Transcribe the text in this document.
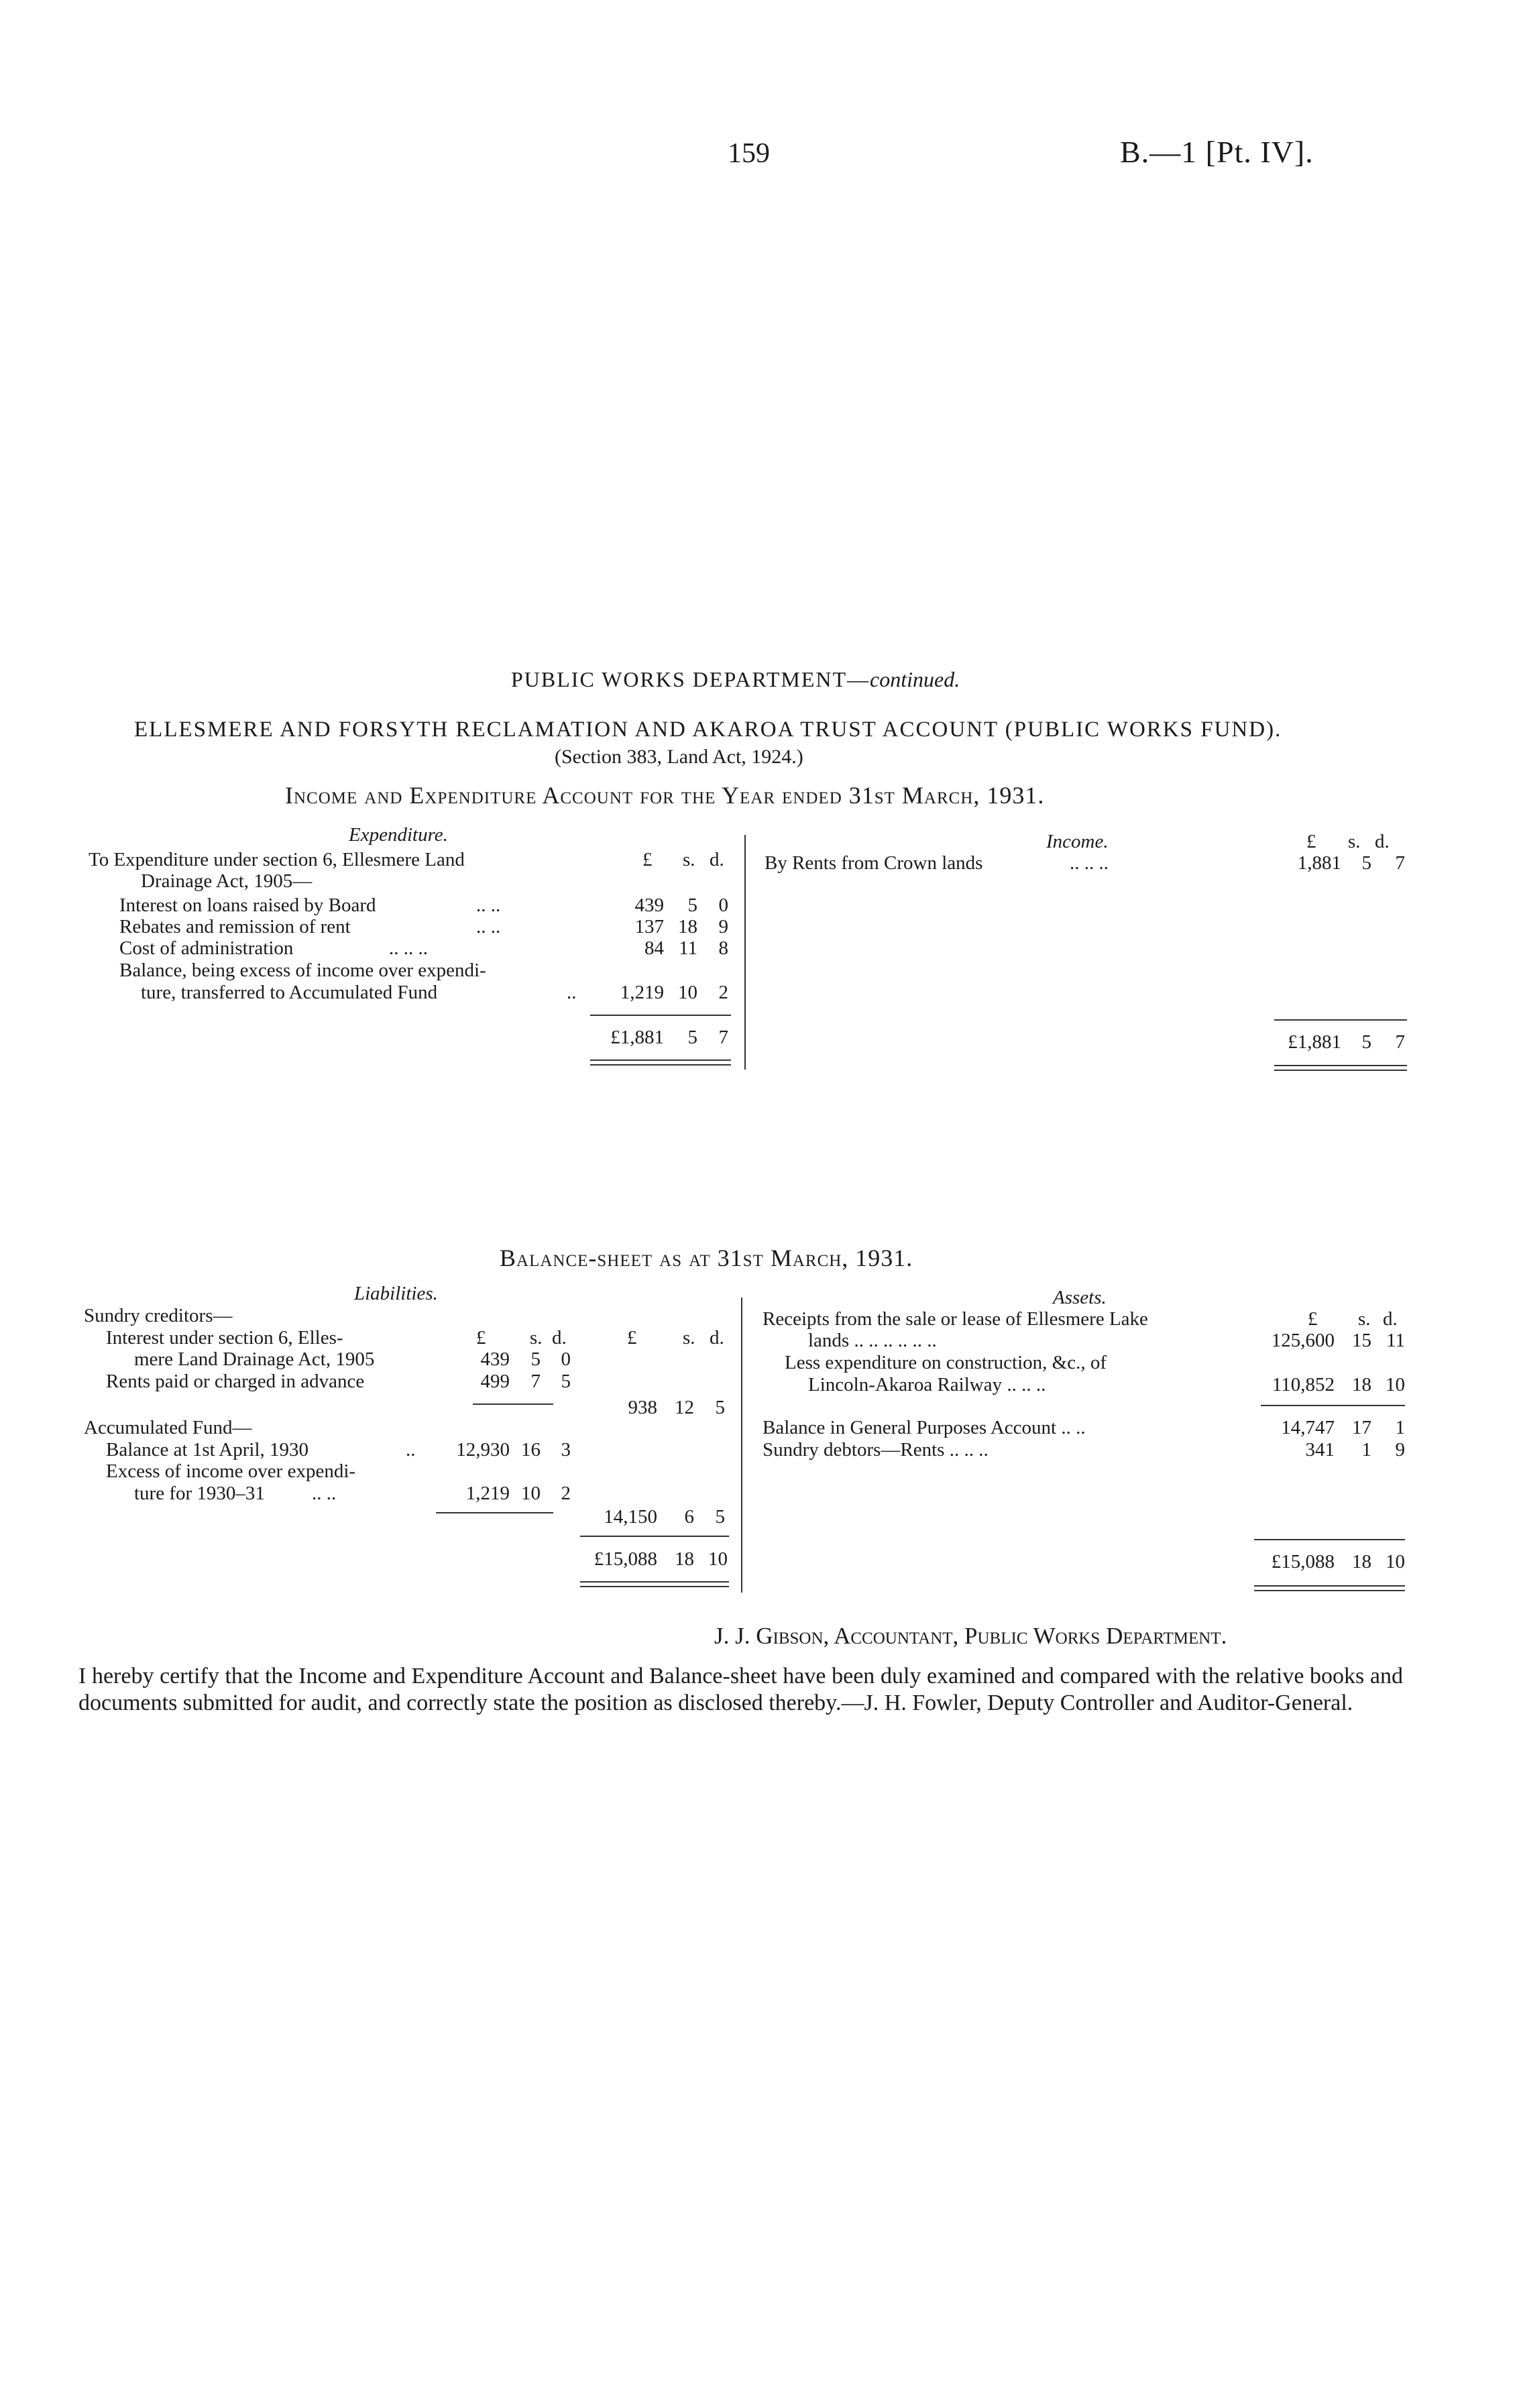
159	B.—1 [Pt. IV].
PUBLIC WORKS DEPARTMENT—continued.
ELLESMERE AND FORSYTH RECLAMATION AND AKAROA TRUST ACCOUNT (PUBLIC WORKS FUND).
(Section 383, Land Act, 1924.)
Income and Expenditure Account for the Year ended 31st March, 1931.
Expenditure.
£ s. d.
To Expenditure under section 6, Ellesmere Land
Drainage Act, 1905—
Interest on loans raised by Board	.. ..	439	5	0
Rebates and remission of rent	.. ..	137 18	9
Cost of administration	.. .. ..	84 11	8
Balance, being excess of income over expendi-
ture, transferred to Accumulated Fund	..	1,219 10	2
£1,881	5	7
Income.	£ s. d.
By Rents from Crown lands	.. .. ..	1,881	5	7
£1,881	5	7
Balance-sheet as at 31st March, 1931.
Liabilities.
Sundry creditors—
Interest under section 6, Elles-
mere Land Drainage Act, 1905
£ s. d.	£ s. d.
439	5	0
Rents paid or charged in advance	499	7	5
938 12	5
Accumulated Fund—
Balance at 1st April, 1930	..	12,930 16	3
Excess of income over expendi-
ture for 1930–31 .. ..	1,219 10	2
14,150	6	5
£15,088 18 10
Assets.
£ s. d.
Receipts from the sale or lease of Ellesmere Lake
lands .. .. .. .. .. ..	125,600 15 11
Less expenditure on construction, &c., of
Lincoln-Akaroa Railway .. .. ..	110,852 18 10
Balance in General Purposes Account .. ..	14,747 17	1
Sundry debtors—Rents .. .. ..	341	1	9
£15,088 18 10
J. J. Gibson, Accountant, Public Works Department.
I hereby certify that the Income and Expenditure Account and Balance-sheet have been duly examined and compared with the relative books and documents submitted for audit, and correctly state the position as disclosed thereby.—J. H. Fowler, Deputy Controller and Auditor-General.
